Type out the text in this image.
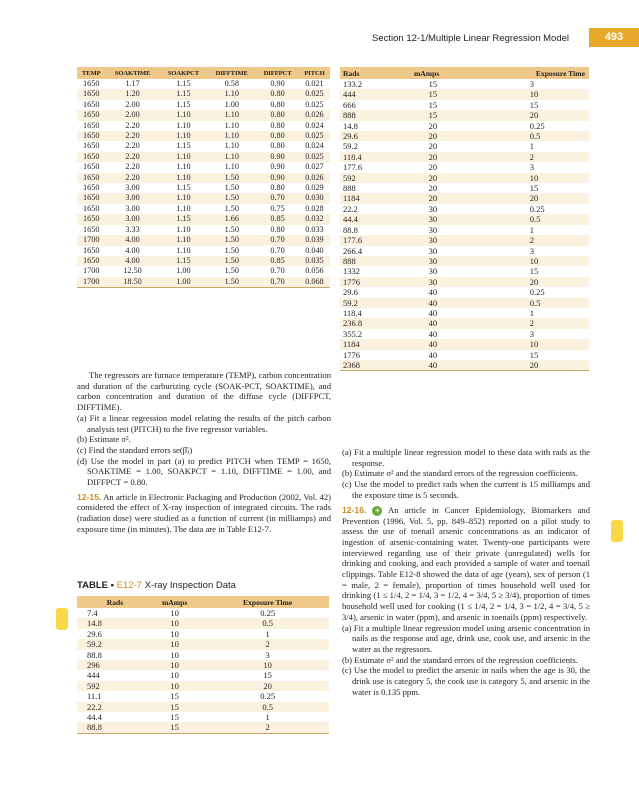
Section 12-1/Multiple Linear Regression Model	493
TEMP	SOAKTIME	SOAKPCT	DIFFTIME	DIFFPCT	PITCH
1650	1.17	1.15	0.58	0.90	0.021
1650	1.20	1.15	1.10	0.80	0.025
1650	2.00	1.15	1.00	0.80	0.025
1650	2.00	1.10	1.10	0.80	0.026
1650	2.20	1.10	1.10	0.80	0.024
1650	2.20	1.10	1.10	0.80	0.025
1650	2.20	1.15	1.10	0.80	0.024
1650	2.20	1.10	1.10	0.90	0.025
1650	2.20	1.10	1.10	0.90	0.027
1650	2.20	1.10	1.50	0.90	0.026
1650	3.00	1.15	1.50	0.80	0.029
1650	3.00	1.10	1.50	0.70	0.030
1650	3.00	1.10	1.50	0.75	0.028
1650	3.00	1.15	1.66	0.85	0.032
1650	3.33	1.10	1.50	0.80	0.033
1700	4.00	1.10	1.50	0.70	0.039
1650	4.00	1.10	1.50	0.70	0.040
1650	4.00	1.15	1.50	0.85	0.035
1700	12.50	1.00	1.50	0.70	0.056
1700	18.50	1.00	1.50	0.70	0.068
Rads	mAmps	Exposure Time
133.2	15	3
444	15	10
666	15	15
888	15	20
14.8	20	0.25
29.6	20	0.5
59.2	20	1
118.4	20	2
177.6	20	3
592	20	10
888	20	15
1184	20	20
22.2	30	0.25
44.4	30	0.5
88.8	30	1
177.6	30	2
266.4	30	3
888	30	10
1332	30	15
1776	30	20
29.6	40	0.25
59.2	40	0.5
118.4	40	1
236.8	40	2
355.2	40	3
1184	40	10
1776	40	15
2368	40	20
The regressors are furnace temperature (TEMP), carbon concentration and duration of the carburizing cycle (SOAK-PCT, SOAKTIME), and carbon concentration and duration of the diffuse cycle (DIFFPCT, DIFFTIME).
(a) Fit a linear regression model relating the results of the pitch carbon analysis test (PITCH) to the five regressor variables.
(b) Estimate σ².
(c) Find the standard errors se(β̂ⱼ)
(d) Use the model in part (a) to predict PITCH when TEMP = 1650, SOAKTIME = 1.00, SOAKPCT = 1.10, DIFFTIME = 1.00, and DIFFPCT = 0.80.
12-15. An article in Electronic Packaging and Production (2002, Vol. 42) considered the effect of X-ray inspection of integrated circuits. The rads (radiation dose) were studied as a function of current (in milliamps) and exposure time (in minutes). The data are in Table E12-7.
TABLE • E12-7 X-ray Inspection Data
Rads	mAmps	Exposure Time
7.4	10	0.25
14.8	10	0.5
29.6	10	1
59.2	10	2
88.8	10	3
296	10	10
444	10	15
592	10	20
11.1	15	0.25
22.2	15	0.5
44.4	15	1
88.8	15	2
(a) Fit a multiple linear regression model to these data with rads as the response.
(b) Estimate σ² and the standard errors of the regression coefficients.
(c) Use the model to predict rads when the current is 15 milliamps and the exposure time is 5 seconds.
12-16. + An article in Cancer Epidemiology, Biomarkers and Prevention (1996, Vol. 5, pp. 849–852) reported on a pilot study to assess the use of toenail arsenic concentrations as an indicator of ingestion of arsenic-containing water. Twenty-one participants were interviewed regarding use of their private (unregulated) wells for drinking and cooking, and each provided a sample of water and toenail clippings. Table E12-8 showed the data of age (years), sex of person (1 = male, 2 = female), proportion of times household well used for drinking (1 ≤ 1/4, 2 = 1/4, 3 = 1/2, 4 = 3/4, 5 ≥ 3/4), proportion of times household well used for cooking (1 ≤ 1/4, 2 = 1/4, 3 = 1/2, 4 = 3/4, 5 ≥ 3/4), arsenic in water (ppm), and arsenic in toenails (ppm) respectively.
(a) Fit a multiple linear regression model using arsenic concentration in nails as the response and age, drink use, cook use, and arsenic in the water as the regressors.
(b) Estimate σ² and the standard errors of the regression coefficients.
(c) Use the model to predict the arsenic in nails when the age is 30, the drink use is category 5, the cook use is category 5, and arsenic in the water is 0.135 ppm.
